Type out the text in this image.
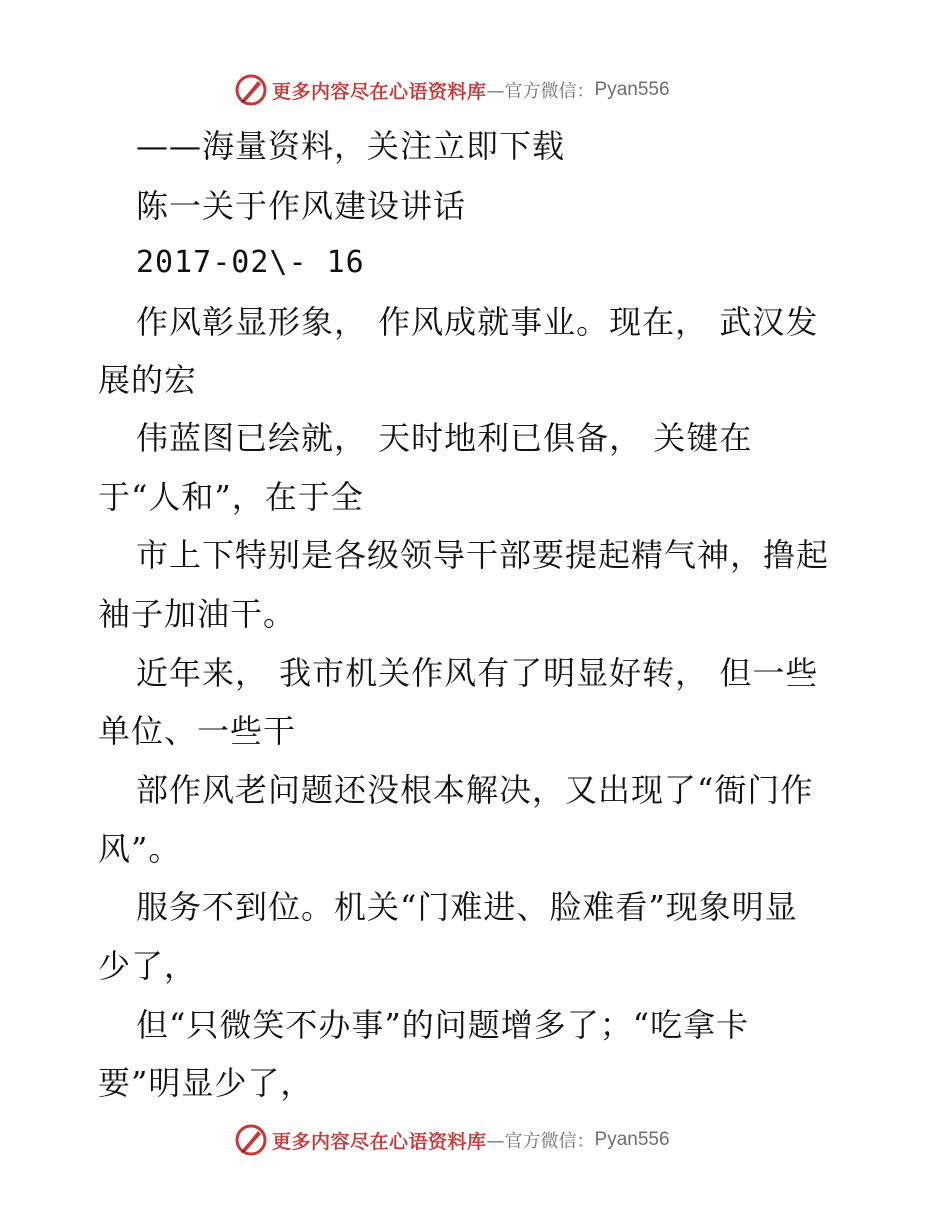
更多内容尽在心语资料库 —官方微信： Pyan556
——海量资料，关注立即下载
陈一关于作风建设讲话
2017-02\- 16
作风彰显形象， 作风成就事业。现在， 武汉发
展的宏
伟蓝图已绘就， 天时地利已俱备， 关键在
于“人和”，在于全
市上下特别是各级领导干部要提起精气神，撸起
袖子加油干。
近年来， 我市机关作风有了明显好转， 但一些
单位、一些干
部作风老问题还没根本解决，又出现了“衙门作
风”。
服务不到位。机关“门难进、脸难看”现象明显
少了，
但“只微笑不办事”的问题增多了；“吃拿卡
要”明显少了，
更多内容尽在心语资料库 —官方微信： Pyan556
